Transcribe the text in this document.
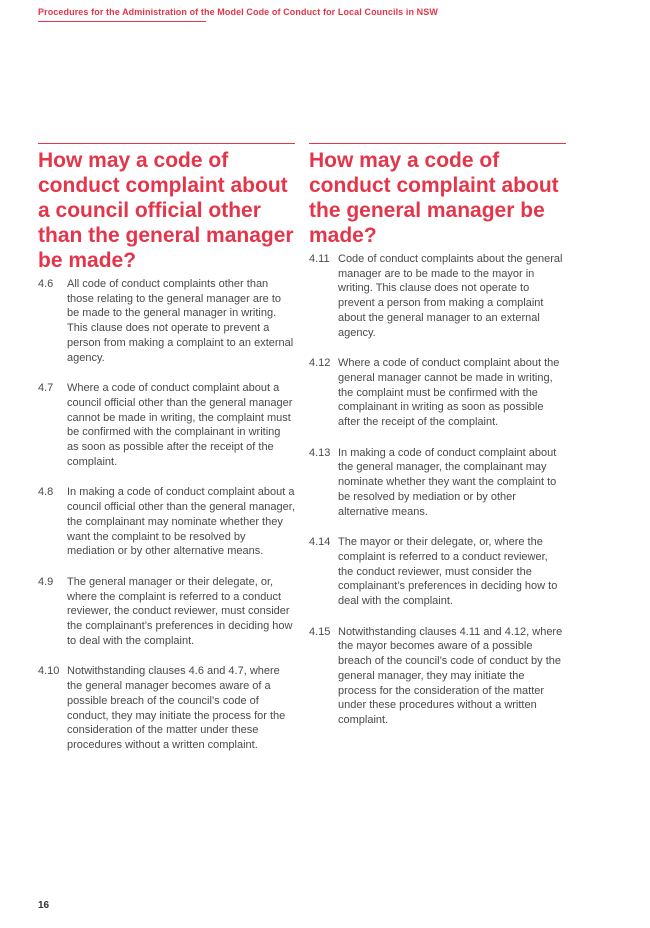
Procedures for the Administration of the Model Code of Conduct for Local Councils in NSW
How may a code of conduct complaint about a council official other than the general manager be made?
4.6	All code of conduct complaints other than those relating to the general manager are to be made to the general manager in writing. This clause does not operate to prevent a person from making a complaint to an external agency.
4.7	Where a code of conduct complaint about a council official other than the general manager cannot be made in writing, the complaint must be confirmed with the complainant in writing as soon as possible after the receipt of the complaint.
4.8	In making a code of conduct complaint about a council official other than the general manager, the complainant may nominate whether they want the complaint to be resolved by mediation or by other alternative means.
4.9	The general manager or their delegate, or, where the complaint is referred to a conduct reviewer, the conduct reviewer, must consider the complainant’s preferences in deciding how to deal with the complaint.
4.10 Notwithstanding clauses 4.6 and 4.7, where the general manager becomes aware of a possible breach of the council’s code of conduct, they may initiate the process for the consideration of the matter under these procedures without a written complaint.
How may a code of conduct complaint about the general manager be made?
4.11 Code of conduct complaints about the general manager are to be made to the mayor in writing. This clause does not operate to prevent a person from making a complaint about the general manager to an external agency.
4.12 Where a code of conduct complaint about the general manager cannot be made in writing, the complaint must be confirmed with the complainant in writing as soon as possible after the receipt of the complaint.
4.13 In making a code of conduct complaint about the general manager, the complainant may nominate whether they want the complaint to be resolved by mediation or by other alternative means.
4.14 The mayor or their delegate, or, where the complaint is referred to a conduct reviewer, the conduct reviewer, must consider the complainant’s preferences in deciding how to deal with the complaint.
4.15 Notwithstanding clauses 4.11 and 4.12, where the mayor becomes aware of a possible breach of the council’s code of conduct by the general manager, they may initiate the process for the consideration of the matter under these procedures without a written complaint.
16
